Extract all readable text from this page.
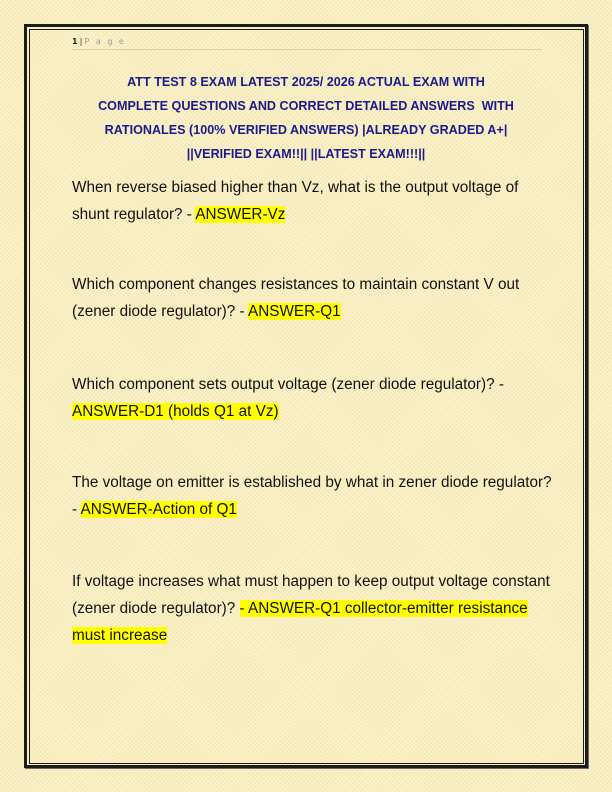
1 | P a g e
ATT TEST 8 EXAM LATEST 2025/ 2026 ACTUAL EXAM WITH
COMPLETE QUESTIONS AND CORRECT DETAILED ANSWERS  WITH
RATIONALES (100% VERIFIED ANSWERS) |ALREADY GRADED A+|
||VERIFIED EXAM!!|| ||LATEST EXAM!!!||
When reverse biased higher than Vz, what is the output voltage of shunt regulator? - ANSWER-Vz
Which component changes resistances to maintain constant V out (zener diode regulator)? - ANSWER-Q1
Which component sets output voltage (zener diode regulator)? - ANSWER-D1 (holds Q1 at Vz)
The voltage on emitter is established by what in zener diode regulator? - ANSWER-Action of Q1
If voltage increases what must happen to keep output voltage constant (zener diode regulator)? - ANSWER-Q1 collector-emitter resistance must increase
